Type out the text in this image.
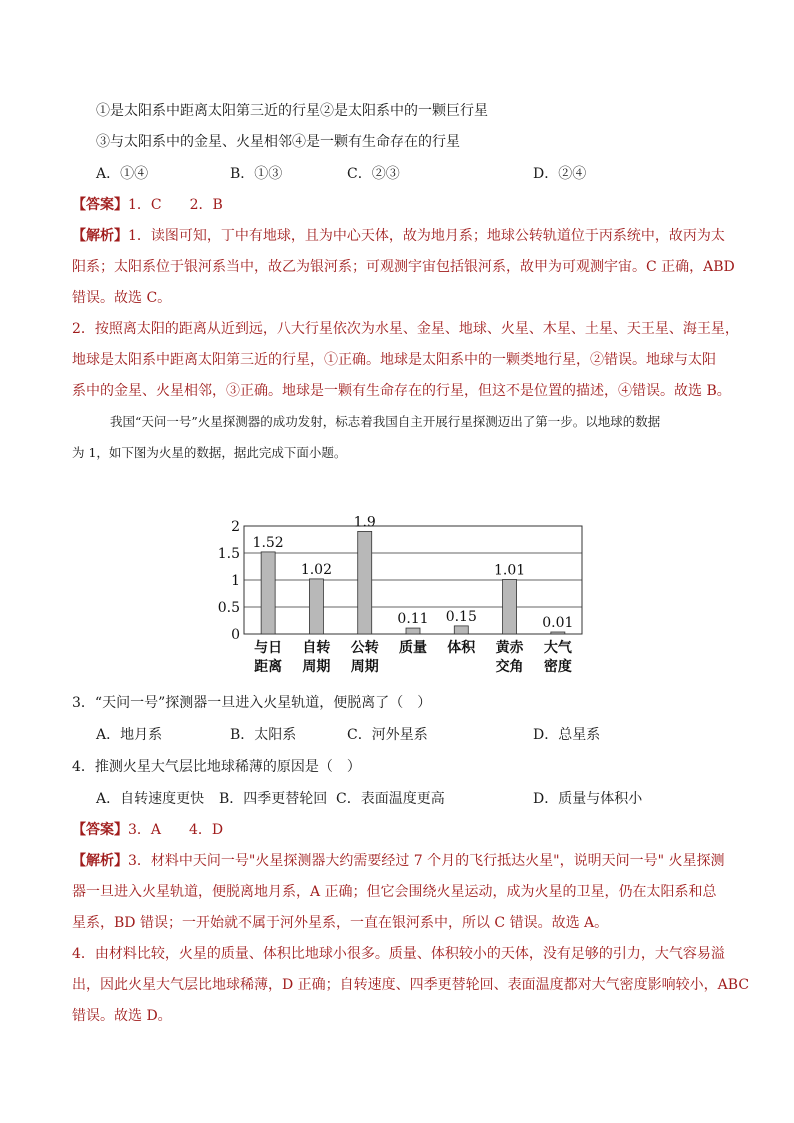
①是太阳系中距离太阳第三近的行星②是太阳系中的一颗巨行星
③与太阳系中的金星、火星相邻④是一颗有生命存在的行星
A．①④	B．①③	C．②③	D．②④
【答案】1．C　　2．B
【解析】1．读图可知，丁中有地球，且为中心天体，故为地月系；地球公转轨道位于丙系统中，故丙为太
阳系；太阳系位于银河系当中，故乙为银河系；可观测宇宙包括银河系，故甲为可观测宇宙。C 正确，ABD
错误。故选 C。
2．按照离太阳的距离从近到远，八大行星依次为水星、金星、地球、火星、木星、土星、天王星、海王星，
地球是太阳系中距离太阳第三近的行星，①正确。地球是太阳系中的一颗类地行星，②错误。地球与太阳
系中的金星、火星相邻，③正确。地球是一颗有生命存在的行星，但这不是位置的描述，④错误。故选 B。
我国“天问一号”火星探测器的成功发射，标志着我国自主开展行星探测迈出了第一步。以地球的数据
为 1，如下图为火星的数据，据此完成下面小题。
1.52
1.02
1.9
0.11 0.15
1.01
0.01
0
0.5
1
1.5
2
与日
距离
自转
周期
公转
周期
质量 体积 黄赤
交角
大气
密度
3．“天问一号”探测器一旦进入火星轨道，便脱离了（　）
A．地月系	B．太阳系	C．河外星系	D．总星系
4．推测火星大气层比地球稀薄的原因是（　）
A．自转速度更快 B．四季更替轮回 C．表面温度更高	D．质量与体积小
【答案】3．A　　4．D
【解析】3．材料中天问一号"火星探测器大约需要经过 7 个月的飞行抵达火星"，说明天问一号" 火星探测
器一旦进入火星轨道，便脱离地月系，A 正确；但它会围绕火星运动，成为火星的卫星，仍在太阳系和总
星系，BD 错误；一开始就不属于河外星系，一直在银河系中，所以 C 错误。故选 A。
4．由材料比较，火星的质量、体积比地球小很多。质量、体积较小的天体，没有足够的引力，大气容易溢
出，因此火星大气层比地球稀薄，D 正确；自转速度、四季更替轮回、表面温度都对大气密度影响较小，ABC
错误。故选 D。
